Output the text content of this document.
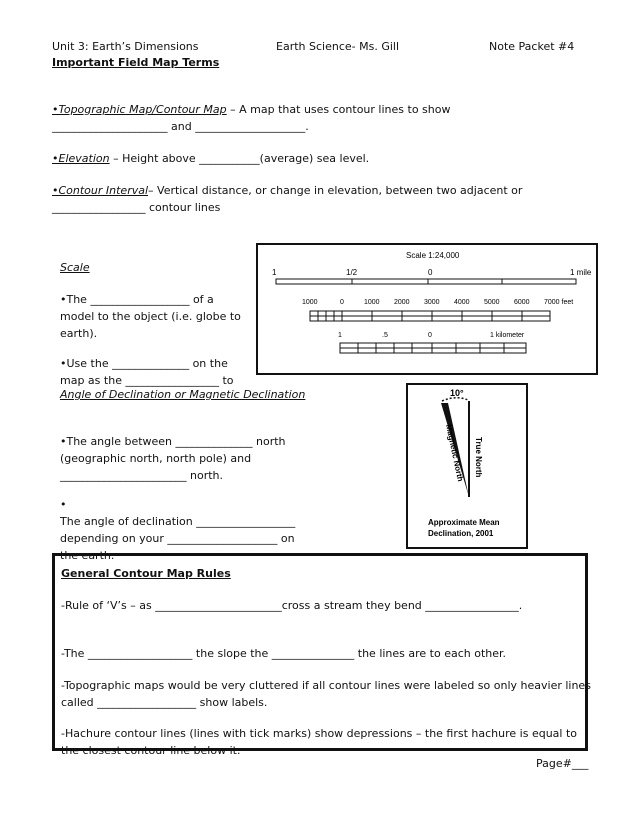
Unit 3: Earth’s Dimensions	Earth Science- Ms. Gill	Note Packet #4
Important Field Map Terms
•Topographic Map/Contour Map – A map that uses contour lines to show
_____________________ and ____________________.
•Elevation – Height above ___________(average) sea level.
•Contour Interval– Vertical distance, or change in elevation, between two adjacent or
_________________ contour lines
Scale
•The __________________ of a
model to the object (i.e. globe to
earth).
•Use the ______________ on the
map as the _________________ to
Scale 1:24,000
1	1/2	0	1 mile
1000	0	1000 2000 3000 4000 5000 6000 7000 feet
1	.5	0	1 kilometer
Angle of Declination or Magnetic Declination
•The angle between ______________ north
(geographic north, north pole) and
_______________________ north.
•
The angle of declination __________________
depending on your ____________________ on
the earth.
10°
Magnetic North True North
Approximate Mean
Declination, 2001
General Contour Map Rules
-Rule of ‘V’s – as _______________________cross a stream they bend _________________.
-The ___________________ the slope the _______________ the lines are to each other.
-Topographic maps would be very cluttered if all contour lines were labeled so only heavier lines
called __________________ show labels.
-Hachure contour lines (lines with tick marks) show depressions – the first hachure is equal to
the closest contour line below it.
Page#___
